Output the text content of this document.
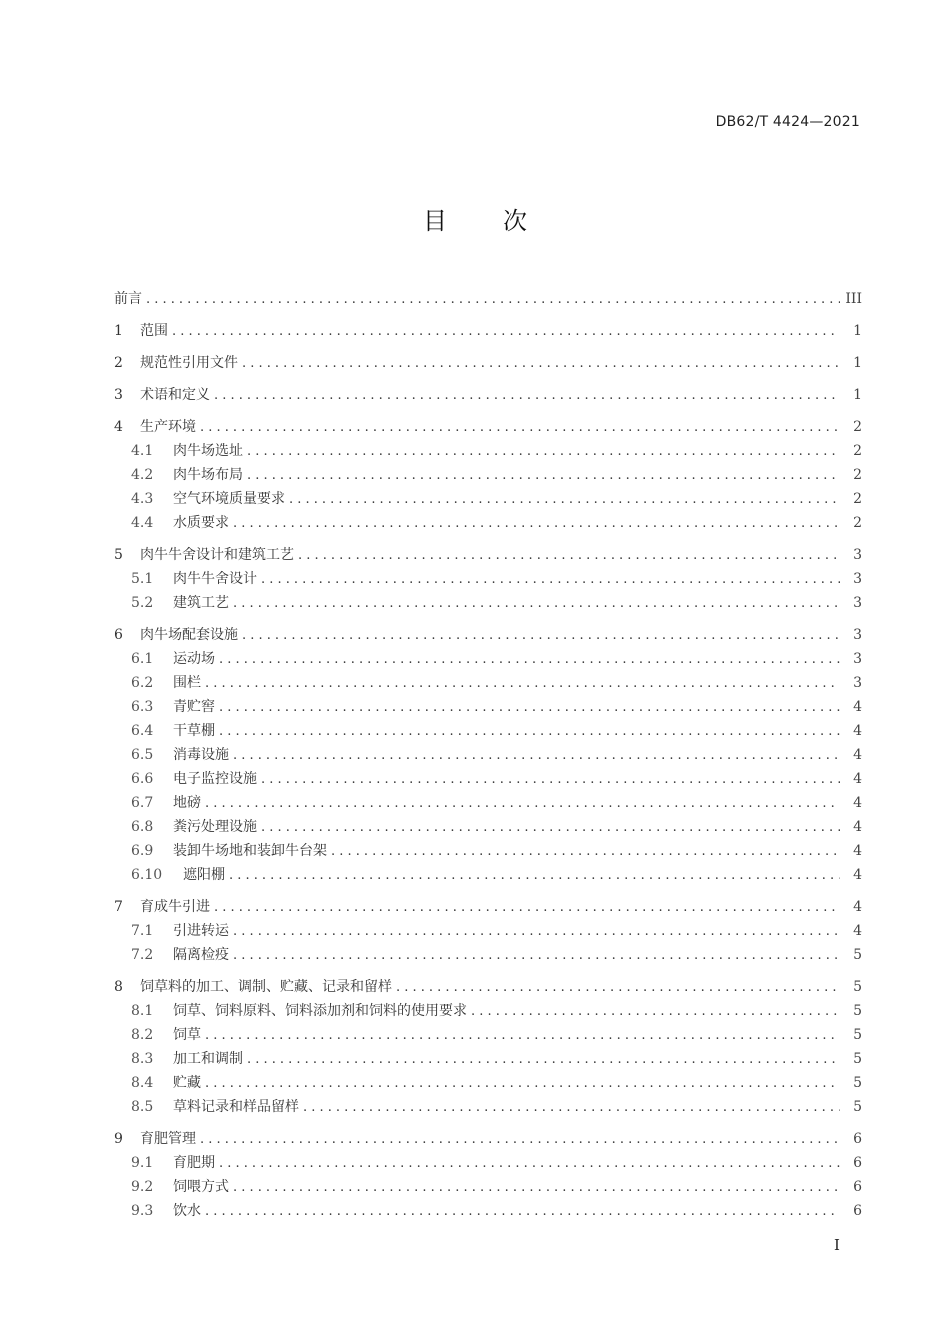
DB62/T 4424—2021
目 次
前言 .....	III
1	范围 .....	1
2	规范性引用文件 .....	1
3	术语和定义 .....	1
4	生产环境 .....	2
4.1	肉牛场选址 .....	2
4.2	肉牛场布局 .....	2
4.3	空气环境质量要求 .....	2
4.4	水质要求 .....	2
5	肉牛牛舍设计和建筑工艺 .....	3
5.1	肉牛牛舍设计 .....	3
5.2	建筑工艺 .....	3
6	肉牛场配套设施 .....	3
6.1	运动场 .....	3
6.2	围栏 .....	3
6.3	青贮窖 .....	4
6.4	干草棚 .....	4
6.5	消毒设施 .....	4
6.6	电子监控设施 .....	4
6.7	地磅 .....	4
6.8	粪污处理设施 .....	4
6.9	装卸牛场地和装卸牛台架 .....	4
6.10	遮阳棚 .....	4
7	育成牛引进 .....	4
7.1	引进转运 .....	4
7.2	隔离检疫 .....	5
8	饲草料的加工、调制、贮藏、记录和留样 .....	5
8.1	饲草、饲料原料、饲料添加剂和饲料的使用要求 .....	5
8.2	饲草 .....	5
8.3	加工和调制 .....	5
8.4	贮藏 .....	5
8.5	草料记录和样品留样 .....	5
9	育肥管理 .....	6
9.1	育肥期 .....	6
9.2	饲喂方式 .....	6
9.3	饮水 .....	6
I
